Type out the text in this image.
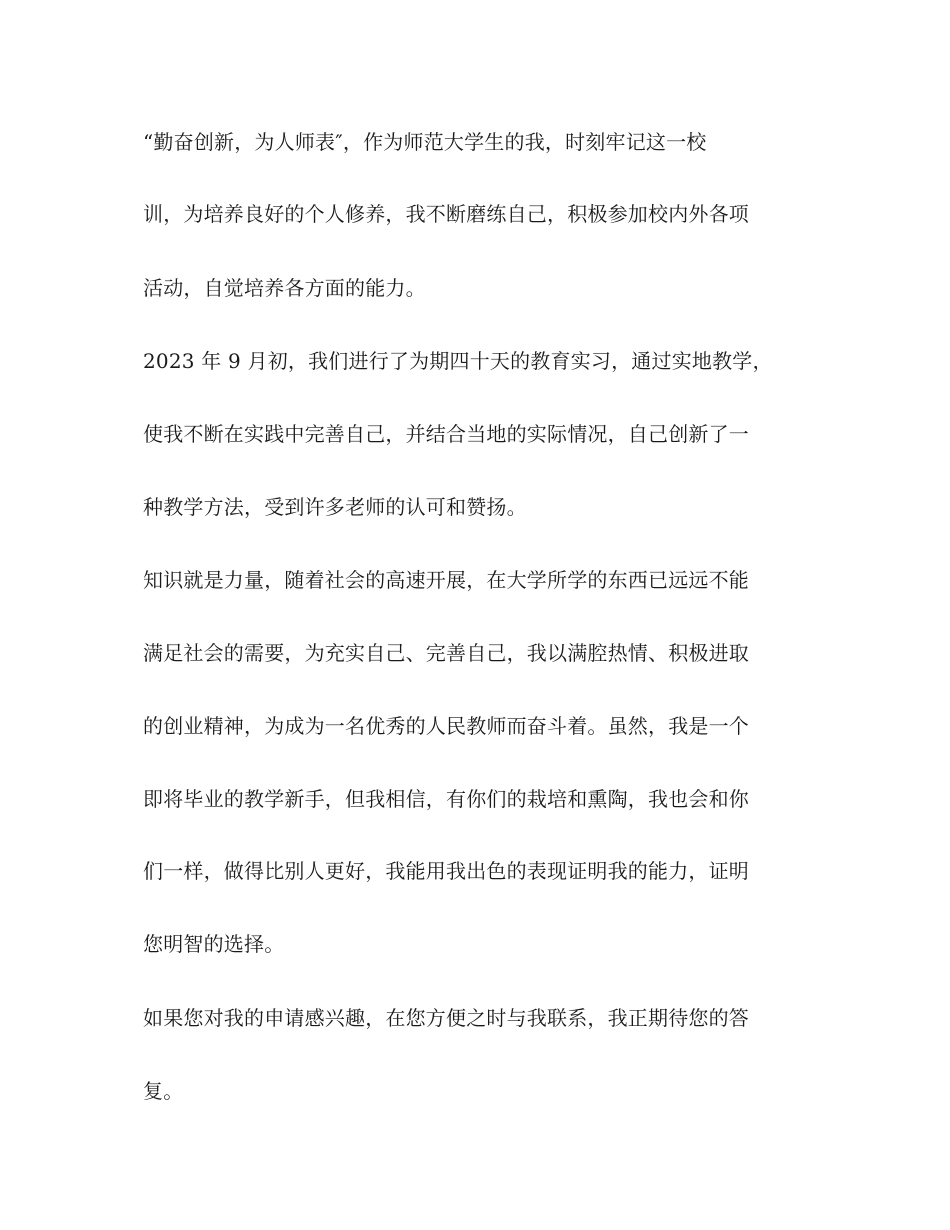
“勤奋创新，为人师表″，作为师范大学生的我，时刻牢记这一校
训，为培养良好的个人修养，我不断磨练自己，积极参加校内外各项
活动，自觉培养各方面的能力。
2023 年 9 月初，我们进行了为期四十天的教育实习，通过实地教学，
使我不断在实践中完善自己，并结合当地的实际情况，自己创新了一
种教学方法，受到许多老师的认可和赞扬。
知识就是力量，随着社会的高速开展，在大学所学的东西已远远不能
满足社会的需要，为充实自己、完善自己，我以满腔热情、积极进取
的创业精神，为成为一名优秀的人民教师而奋斗着。虽然，我是一个
即将毕业的教学新手，但我相信，有你们的栽培和熏陶，我也会和你
们一样，做得比别人更好，我能用我出色的表现证明我的能力，证明
您明智的选择。
如果您对我的申请感兴趣，在您方便之时与我联系，我正期待您的答
复。
